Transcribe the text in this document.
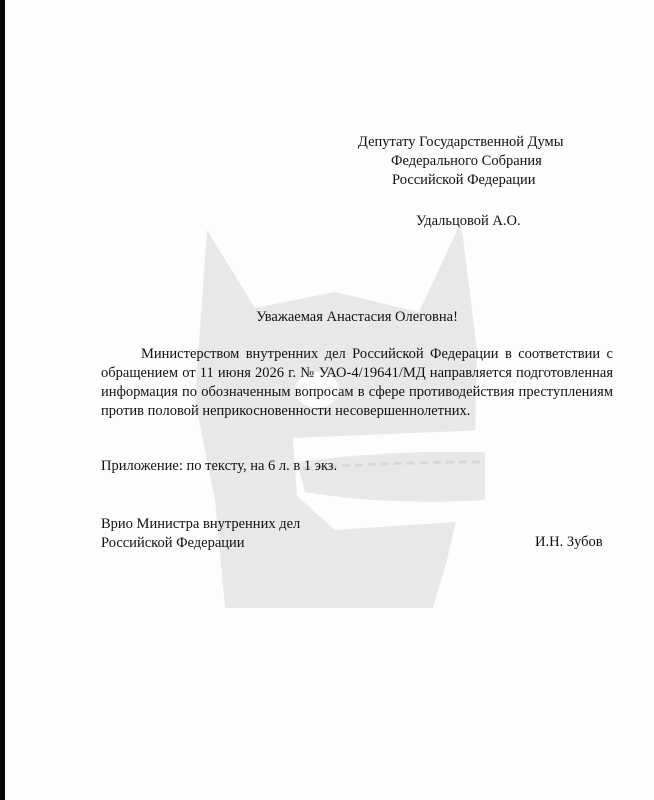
Депутату Государственной Думы
Федерального Собрания
Российской Федерации
Удальцовой А.О.
Уважаемая Анастасия Олеговна!

Министерством внутренних дел Российской Федерации в соответствии с обращением от 11 июня 2026 г. № УАО-4/19641/МД направляется подготовленная информация по обозначенным вопросам в сфере противодействия преступлениям против половой неприкосновенности несовершеннолетних.

Приложение: по тексту, на 6 л. в 1 экз.
Врио Министра внутренних дел
Российской Федерации	И.Н. Зубов
